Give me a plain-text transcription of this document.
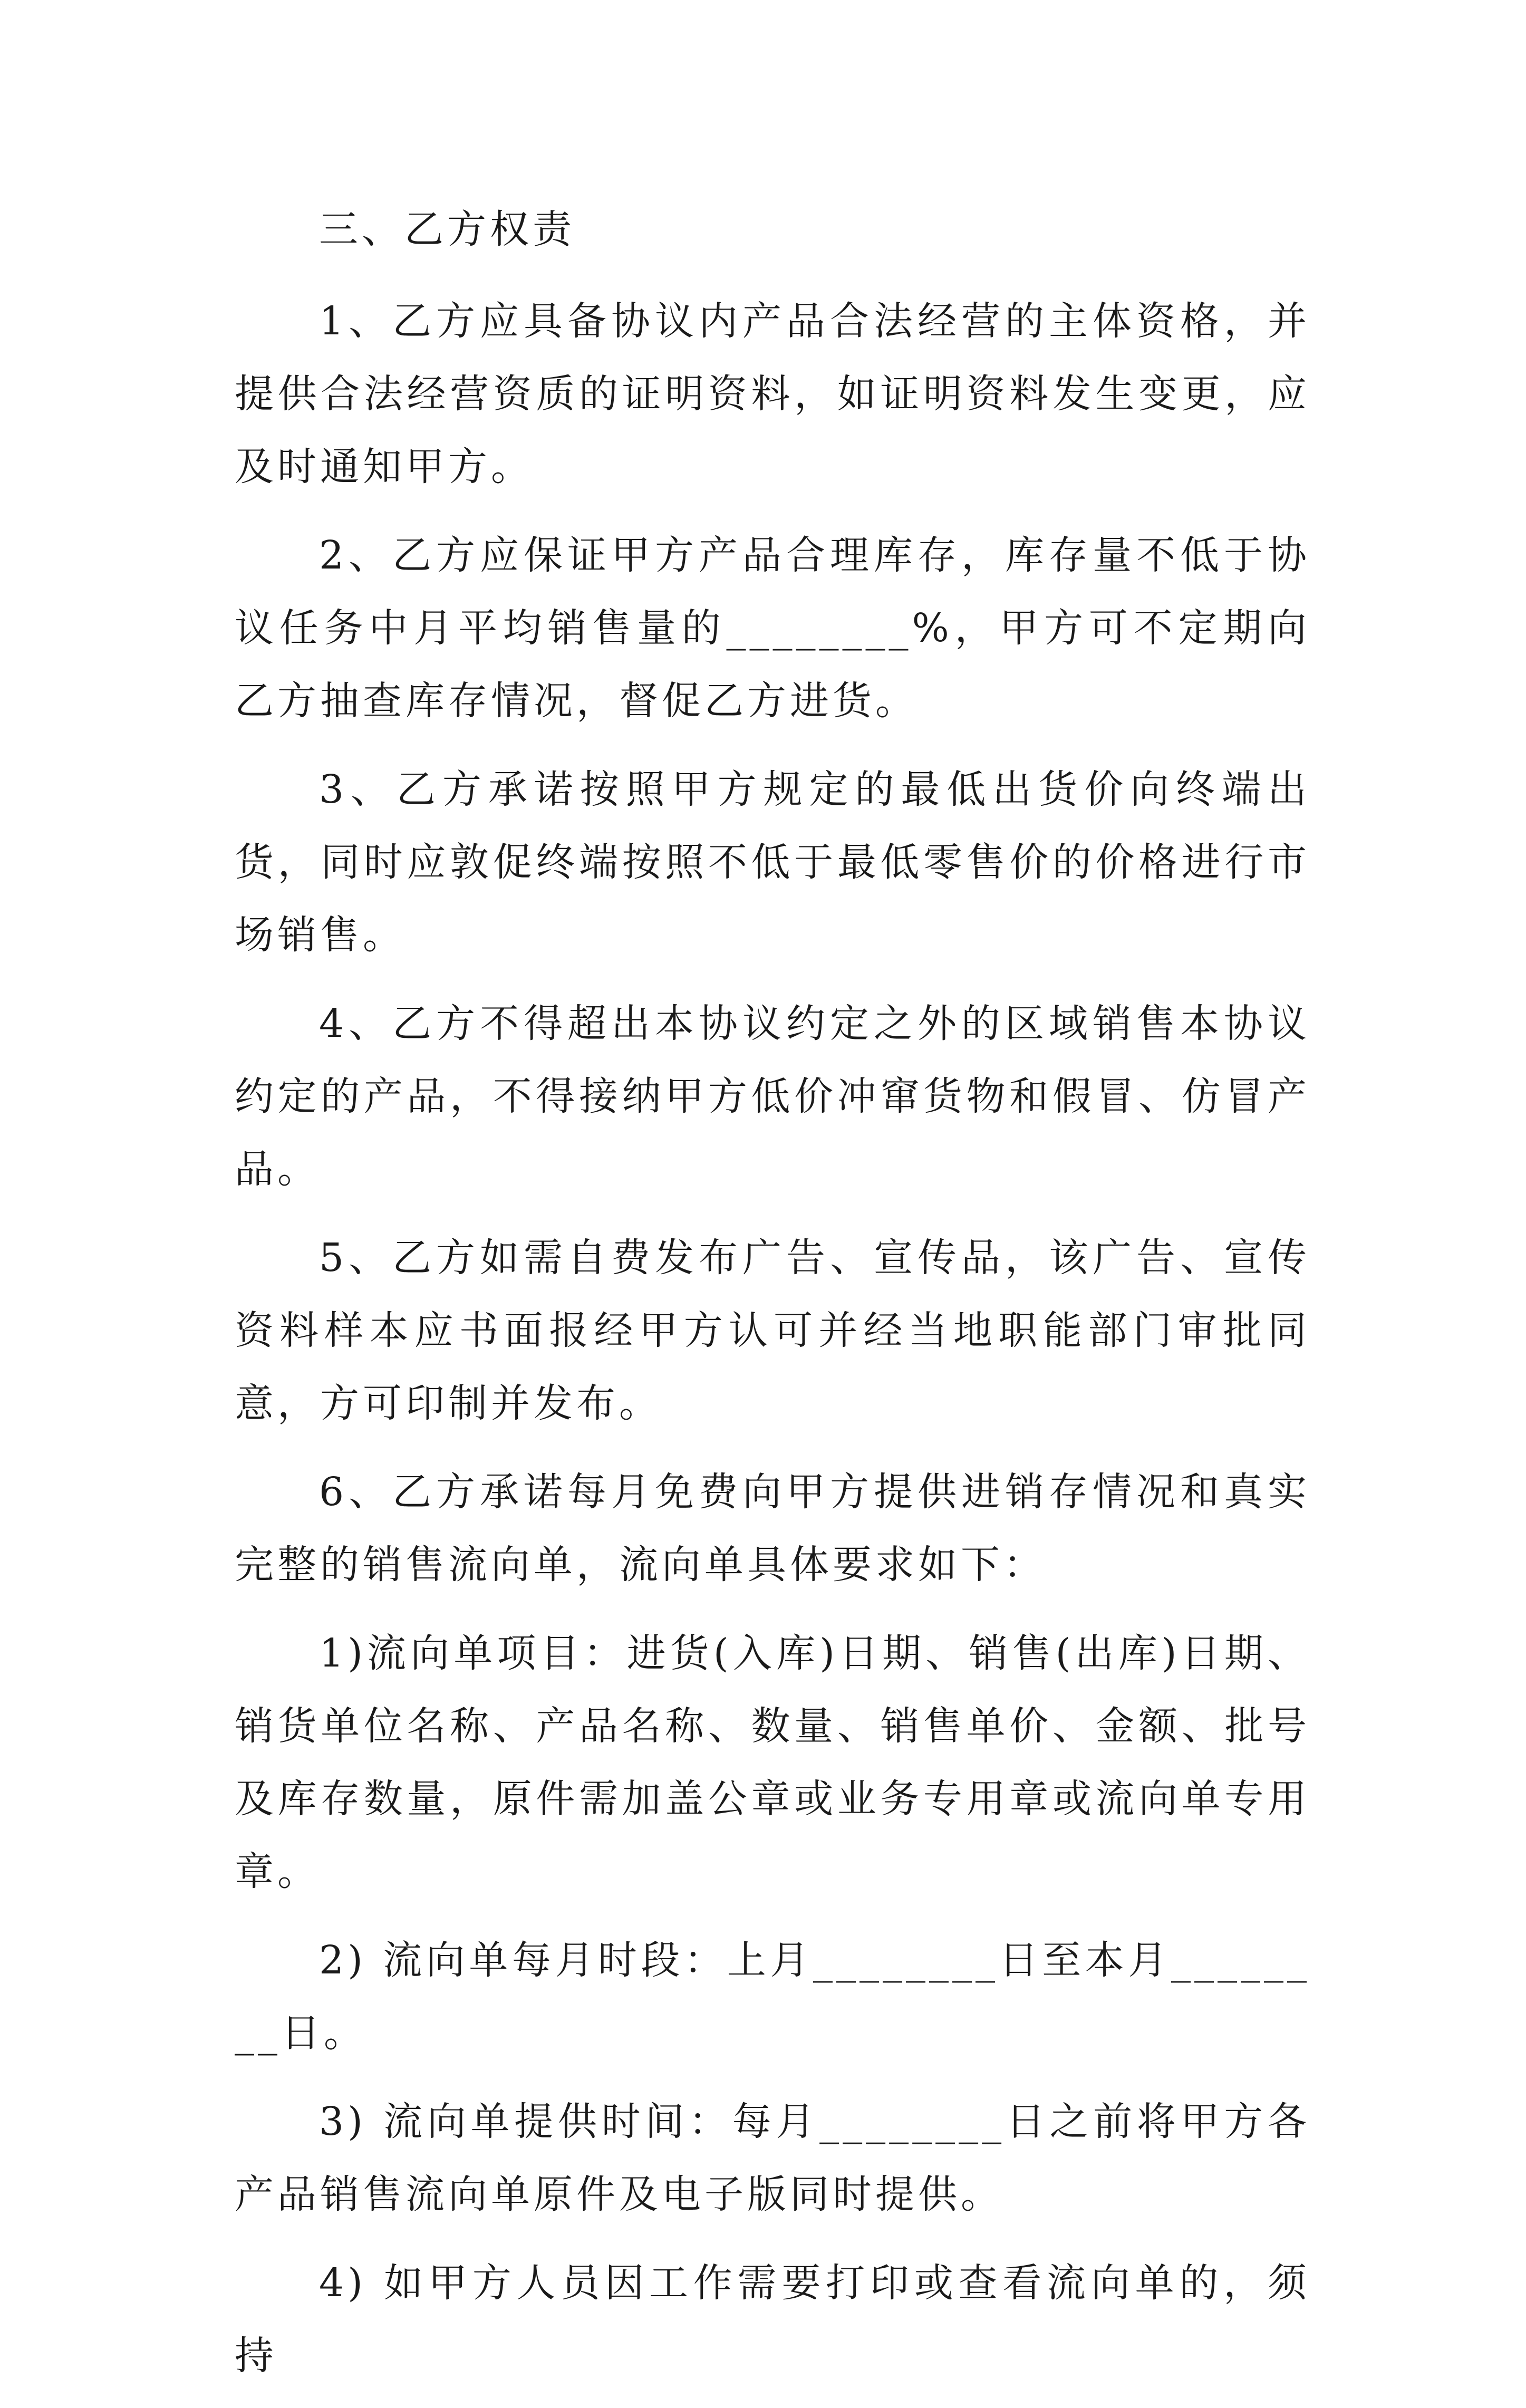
三、乙方权责

1、乙方应具备协议内产品合法经营的主体资格，并提供合法经营资质的证明资料，如证明资料发生变更，应及时通知甲方。

2、乙方应保证甲方产品合理库存，库存量不低于协议任务中月平均销售量的________%，甲方可不定期向乙方抽查库存情况，督促乙方进货。

3、乙方承诺按照甲方规定的最低出货价向终端出货，同时应敦促终端按照不低于最低零售价的价格进行市场销售。

4、乙方不得超出本协议约定之外的区域销售本协议约定的产品，不得接纳甲方低价冲窜货物和假冒、仿冒产品。

5、乙方如需自费发布广告、宣传品，该广告、宣传资料样本应书面报经甲方认可并经当地职能部门审批同意，方可印制并发布。

6、乙方承诺每月免费向甲方提供进销存情况和真实完整的销售流向单，流向单具体要求如下：

1)流向单项目：进货(入库)日期、销售(出库)日期、销货单位名称、产品名称、数量、销售单价、金额、批号及库存数量，原件需加盖公章或业务专用章或流向单专用章。

2) 流向单每月时段：上月________日至本月________日。

3) 流向单提供时间：每月________日之前将甲方各产品销售流向单原件及电子版同时提供。

4) 如甲方人员因工作需要打印或查看流向单的，须持
